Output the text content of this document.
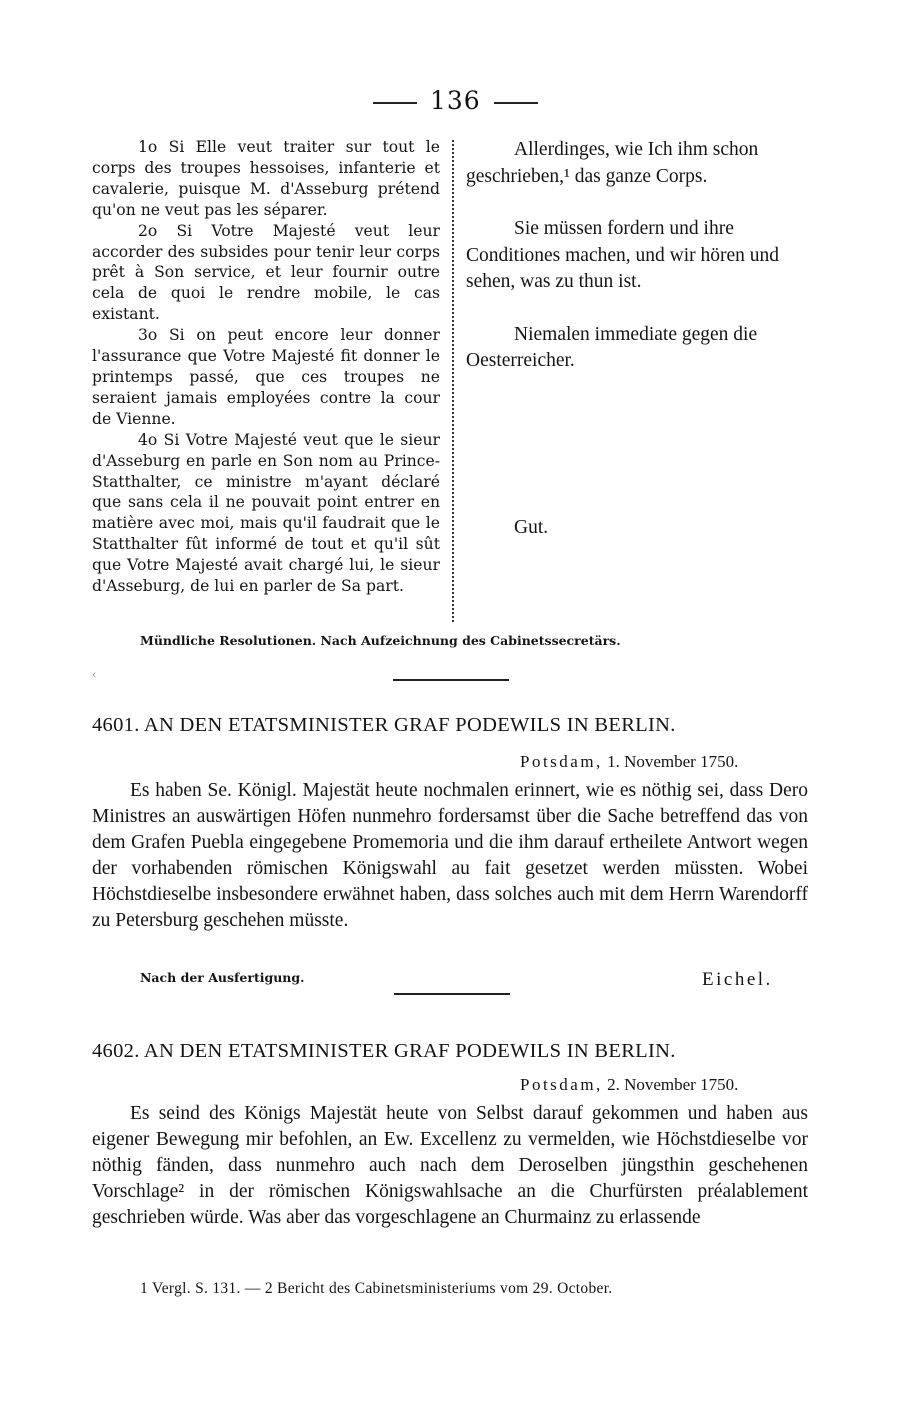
136

1o Si Elle veut traiter sur tout le corps des troupes hessoises, infanterie et cavalerie, puisque M. d'Asseburg prétend qu'on ne veut pas les séparer.

2o Si Votre Majesté veut leur accorder des subsides pour tenir leur corps prêt à Son service, et leur fournir outre cela de quoi le rendre mobile, le cas existant.

3o Si on peut encore leur donner l'assurance que Votre Majesté fit donner le printemps passé, que ces troupes ne seraient jamais employées contre la cour de Vienne.

4o Si Votre Majesté veut que le sieur d'Asseburg en parle en Son nom au Prince-Statthalter, ce ministre m'ayant déclaré que sans cela il ne pouvait point entrer en matière avec moi, mais qu'il faudrait que le Statthalter fût informé de tout et qu'il sût que Votre Majesté avait chargé lui, le sieur d'Asseburg, de lui en parler de Sa part.

Allerdinges, wie Ich ihm schon geschrieben,¹ das ganze Corps.

Sie müssen fordern und ihre Conditiones machen, und wir hören und sehen, was zu thun ist.

Niemalen immediate gegen die Oesterreicher.

Gut.

Mündliche Resolutionen. Nach Aufzeichnung des Cabinetssecretärs.
‹
4601. AN DEN ETATSMINISTER GRAF PODEWILS IN BERLIN.
Potsdam, 1. November 1750.

Es haben Se. Königl. Majestät heute nochmalen erinnert, wie es nöthig sei, dass Dero Ministres an auswärtigen Höfen nunmehro fordersamst über die Sache betreffend das von dem Grafen Puebla eingegebene Promemoria und die ihm darauf ertheilete Antwort wegen der vorhabenden römischen Königswahl au fait gesetzet werden müssten. Wobei Höchstdieselbe insbesondere erwähnet haben, dass solches auch mit dem Herrn Warendorff zu Petersburg geschehen müsste.

Nach der Ausfertigung.	Eichel.
4602. AN DEN ETATSMINISTER GRAF PODEWILS IN BERLIN.
Potsdam, 2. November 1750.

Es seind des Königs Majestät heute von Selbst darauf gekommen und haben aus eigener Bewegung mir befohlen, an Ew. Excellenz zu vermelden, wie Höchstdieselbe vor nöthig fänden, dass nunmehro auch nach dem Deroselben jüngsthin geschehenen Vorschlage² in der römischen Königswahlsache an die Churfürsten préalablement geschrieben würde. Was aber das vorgeschlagene an Churmainz zu erlassende

1 Vergl. S. 131. — 2 Bericht des Cabinetsministeriums vom 29. October.
